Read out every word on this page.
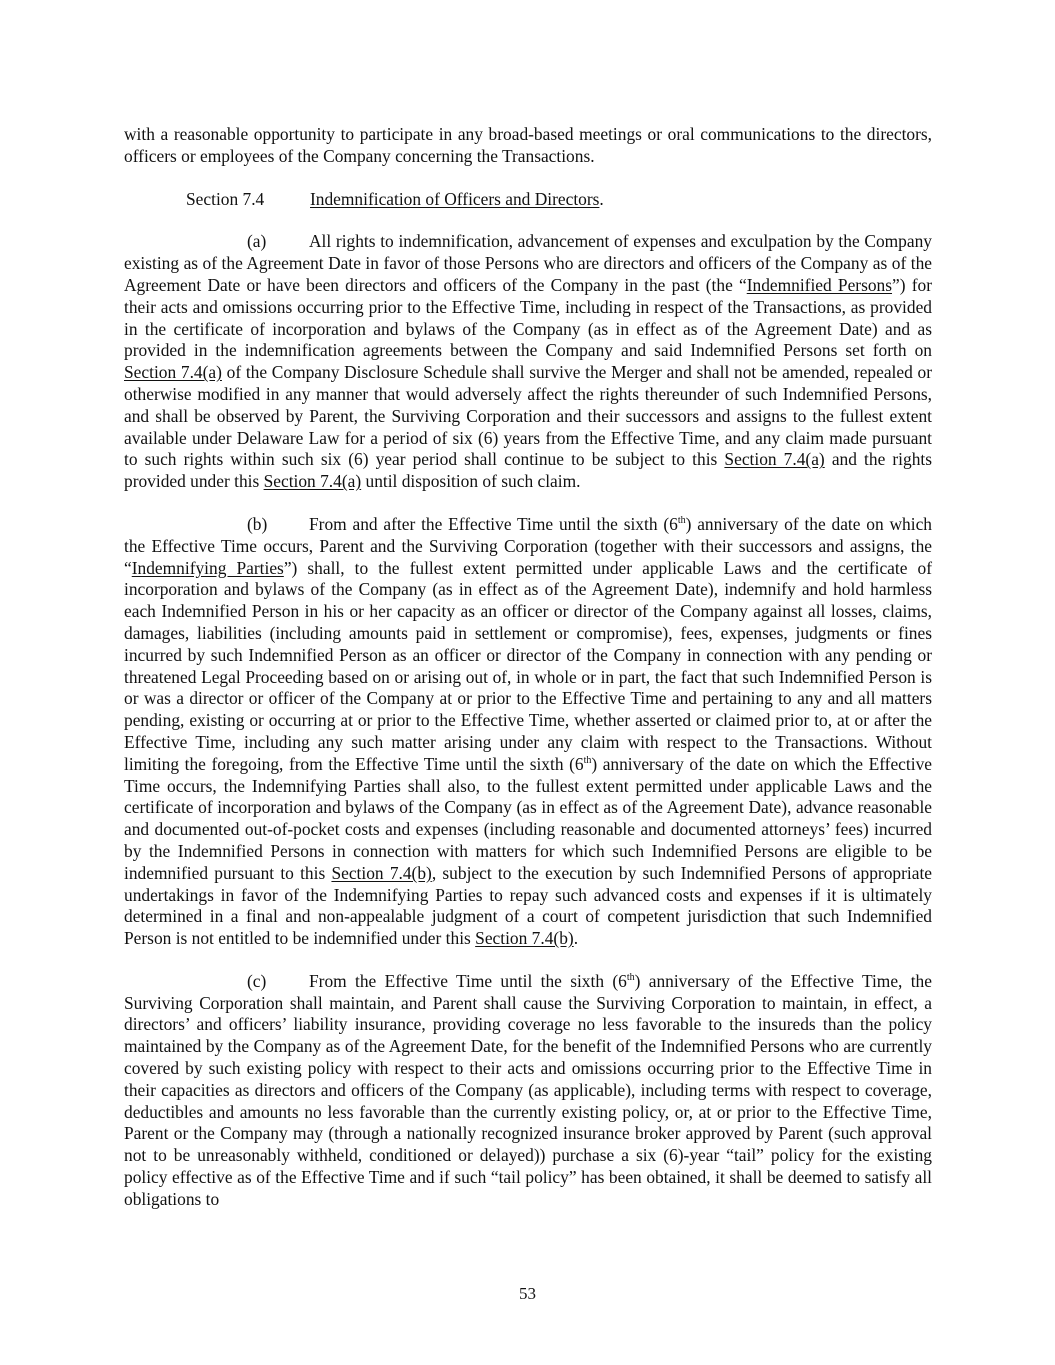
with a reasonable opportunity to participate in any broad-based meetings or oral communications to the directors, officers or employees of the Company concerning the Transactions.

Section 7.4	Indemnification of Officers and Directors.

(a) All rights to indemnification, advancement of expenses and exculpation by the Company existing as of the Agreement Date in favor of those Persons who are directors and officers of the Company as of the Agreement Date or have been directors and officers of the Company in the past (the “Indemnified Persons”) for their acts and omissions occurring prior to the Effective Time, including in respect of the Transactions, as provided in the certificate of incorporation and bylaws of the Company (as in effect as of the Agreement Date) and as provided in the indemnification agreements between the Company and said Indemnified Persons set forth on Section 7.4(a) of the Company Disclosure Schedule shall survive the Merger and shall not be amended, repealed or otherwise modified in any manner that would adversely affect the rights thereunder of such Indemnified Persons, and shall be observed by Parent, the Surviving Corporation and their successors and assigns to the fullest extent available under Delaware Law for a period of six (6) years from the Effective Time, and any claim made pursuant to such rights within such six (6) year period shall continue to be subject to this Section 7.4(a) and the rights provided under this Section 7.4(a) until disposition of such claim.

(b) From and after the Effective Time until the sixth (6th) anniversary of the date on which the Effective Time occurs, Parent and the Surviving Corporation (together with their successors and assigns, the “Indemnifying Parties”) shall, to the fullest extent permitted under applicable Laws and the certificate of incorporation and bylaws of the Company (as in effect as of the Agreement Date), indemnify and hold harmless each Indemnified Person in his or her capacity as an officer or director of the Company against all losses, claims, damages, liabilities (including amounts paid in settlement or compromise), fees, expenses, judgments or fines incurred by such Indemnified Person as an officer or director of the Company in connection with any pending or threatened Legal Proceeding based on or arising out of, in whole or in part, the fact that such Indemnified Person is or was a director or officer of the Company at or prior to the Effective Time and pertaining to any and all matters pending, existing or occurring at or prior to the Effective Time, whether asserted or claimed prior to, at or after the Effective Time, including any such matter arising under any claim with respect to the Transactions. Without limiting the foregoing, from the Effective Time until the sixth (6th) anniversary of the date on which the Effective Time occurs, the Indemnifying Parties shall also, to the fullest extent permitted under applicable Laws and the certificate of incorporation and bylaws of the Company (as in effect as of the Agreement Date), advance reasonable and documented out-of-pocket costs and expenses (including reasonable and documented attorneys’ fees) incurred by the Indemnified Persons in connection with matters for which such Indemnified Persons are eligible to be indemnified pursuant to this Section 7.4(b), subject to the execution by such Indemnified Persons of appropriate undertakings in favor of the Indemnifying Parties to repay such advanced costs and expenses if it is ultimately determined in a final and non-appealable judgment of a court of competent jurisdiction that such Indemnified Person is not entitled to be indemnified under this Section 7.4(b).

(c) From the Effective Time until the sixth (6th) anniversary of the Effective Time, the Surviving Corporation shall maintain, and Parent shall cause the Surviving Corporation to maintain, in effect, a directors’ and officers’ liability insurance, providing coverage no less favorable to the insureds than the policy maintained by the Company as of the Agreement Date, for the benefit of the Indemnified Persons who are currently covered by such existing policy with respect to their acts and omissions occurring prior to the Effective Time in their capacities as directors and officers of the Company (as applicable), including terms with respect to coverage, deductibles and amounts no less favorable than the currently existing policy, or, at or prior to the Effective Time, Parent or the Company may (through a nationally recognized insurance broker approved by Parent (such approval not to be unreasonably withheld, conditioned or delayed)) purchase a six (6)-year “tail” policy for the existing policy effective as of the Effective Time and if such “tail policy” has been obtained, it shall be deemed to satisfy all obligations to

53
